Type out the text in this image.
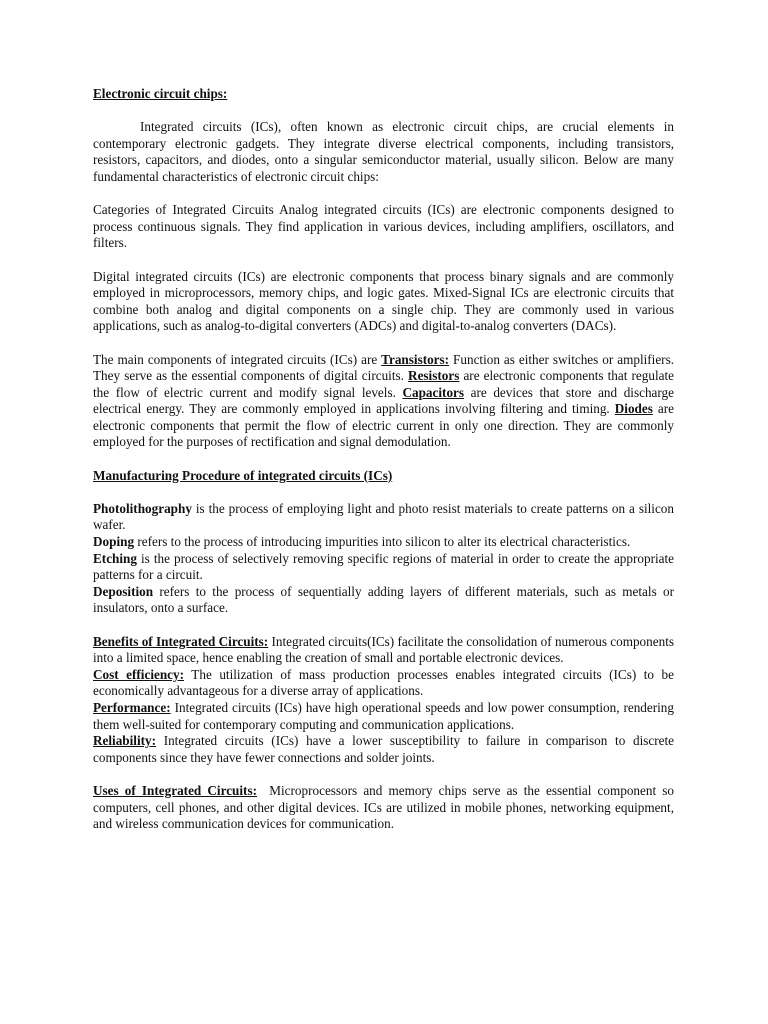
Electronic circuit chips:

Integrated circuits (ICs), often known as electronic circuit chips, are crucial elements in contemporary electronic gadgets. They integrate diverse electrical components, including transistors, resistors, capacitors, and diodes, onto a singular semiconductor material, usually silicon. Below are many fundamental characteristics of electronic circuit chips:

Categories of Integrated Circuits Analog integrated circuits (ICs) are electronic components designed to process continuous signals. They find application in various devices, including amplifiers, oscillators, and filters.

Digital integrated circuits (ICs) are electronic components that process binary signals and are commonly employed in microprocessors, memory chips, and logic gates. Mixed-Signal ICs are electronic circuits that combine both analog and digital components on a single chip. They are commonly used in various applications, such as analog-to-digital converters (ADCs) and digital-to-analog converters (DACs).

The main components of integrated circuits (ICs) are Transistors: Function as either switches or amplifiers. They serve as the essential components of digital circuits. Resistors are electronic components that regulate the flow of electric current and modify signal levels. Capacitors are devices that store and discharge electrical energy. They are commonly employed in applications involving filtering and timing. Diodes are electronic components that permit the flow of electric current in only one direction. They are commonly employed for the purposes of rectification and signal demodulation.

Manufacturing Procedure of integrated circuits (ICs)

Photolithography is the process of employing light and photo resist materials to create patterns on a silicon wafer.

Doping refers to the process of introducing impurities into silicon to alter its electrical characteristics.

Etching is the process of selectively removing specific regions of material in order to create the appropriate patterns for a circuit.

Deposition refers to the process of sequentially adding layers of different materials, such as metals or insulators, onto a surface.

Benefits of Integrated Circuits: Integrated circuits(ICs) facilitate the consolidation of numerous components into a limited space, hence enabling the creation of small and portable electronic devices.

Cost efficiency: The utilization of mass production processes enables integrated circuits (ICs) to be economically advantageous for a diverse array of applications.

Performance: Integrated circuits (ICs) have high operational speeds and low power consumption, rendering them well-suited for contemporary computing and communication applications.

Reliability: Integrated circuits (ICs) have a lower susceptibility to failure in comparison to discrete components since they have fewer connections and solder joints.

Uses of Integrated Circuits:  Microprocessors and memory chips serve as the essential component so computers, cell phones, and other digital devices. ICs are utilized in mobile phones, networking equipment, and wireless communication devices for communication.
